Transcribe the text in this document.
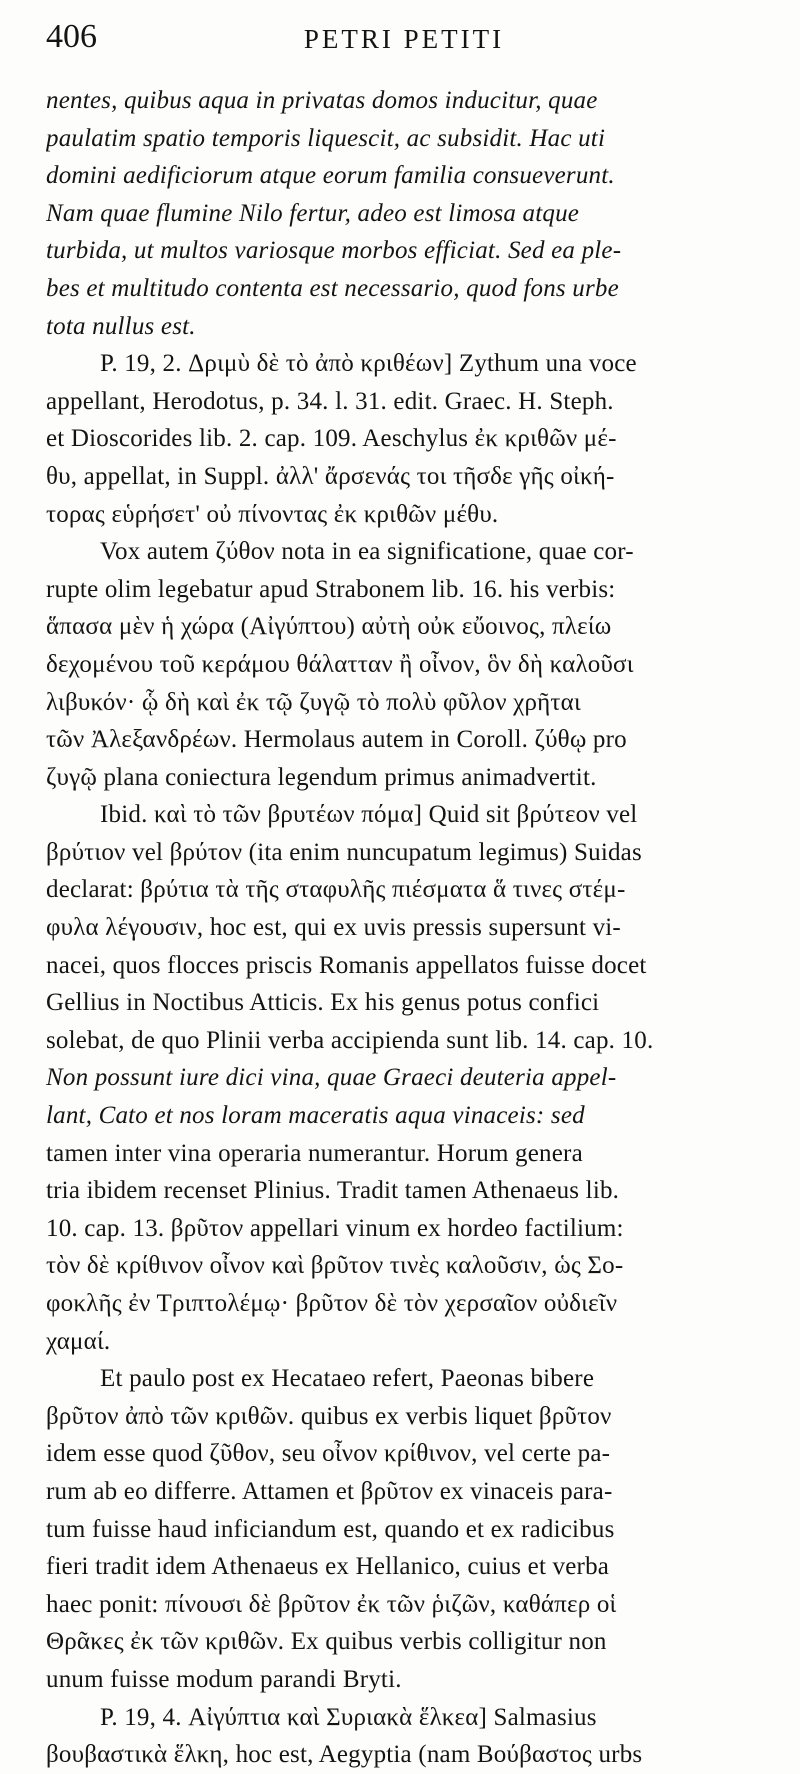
406	PETRI PETITI
nentes, quibus aqua in privatas domos inducitur, quae
paulatim spatio temporis liquescit, ac subsidit. Hac uti
domini aedificiorum atque eorum familia consueverunt.
Nam quae flumine Nilo fertur, adeo est limosa atque
turbida, ut multos variosque morbos efficiat. Sed ea ple-
bes et multitudo contenta est necessario, quod fons urbe
tota nullus est.
P. 19, 2. Δριμὺ δὲ τὸ ἀπὸ κριθέων] Zythum una voce
appellant, Herodotus, p. 34. l. 31. edit. Graec. H. Steph.
et Dioscorides lib. 2. cap. 109. Aeschylus ἐκ κριθῶν μέ-
θυ, appellat, in Suppl. ἀλλ' ἄρσενάς τοι τῆσδε γῆς οἰκή-
τορας εὑρήσετ' οὐ πίνοντας ἐκ κριθῶν μέθυ.
Vox autem ζύθον nota in ea significatione, quae cor-
rupte olim legebatur apud Strabonem lib. 16. his verbis:
ἅπασα μὲν ἡ χώρα (Αἰγύπτου) αὐτὴ οὐκ εὔοινος, πλείω
δεχομένου τοῦ κεράμου θάλατταν ἢ οἶνον, ὃν δὴ καλοῦσι
λιβυκόν· ᾧ δὴ καὶ ἐκ τῷ ζυγῷ τὸ πολὺ φῦλον χρῆται
τῶν Ἀλεξανδρέων. Hermolaus autem in Coroll. ζύθῳ pro
ζυγῷ plana coniectura legendum primus animadvertit.
Ibid. καὶ τὸ τῶν βρυτέων πόμα] Quid sit βρύτεον vel
βρύτιον vel βρύτον (ita enim nuncupatum legimus) Suidas
declarat: βρύτια τὰ τῆς σταφυλῆς πιέσματα ἅ τινες στέμ-
φυλα λέγουσιν, hoc est, qui ex uvis pressis supersunt vi-
nacei, quos flocces priscis Romanis appellatos fuisse docet
Gellius in Noctibus Atticis. Ex his genus potus confici
solebat, de quo Plinii verba accipienda sunt lib. 14. cap. 10.
Non possunt iure dici vina, quae Graeci deuteria appel-
lant, Cato et nos loram maceratis aqua vinaceis: sed
tamen inter vina operaria numerantur. Horum genera
tria ibidem recenset Plinius. Tradit tamen Athenaeus lib.
10. cap. 13. βρῦτον appellari vinum ex hordeo factilium:
τὸν δὲ κρίθινον οἶνον καὶ βρῦτον τινὲς καλοῦσιν, ὡς Σο-
φοκλῆς ἐν Τριπτολέμῳ· βρῦτον δὲ τὸν χερσαῖον οὐδιεῖν
χαμαί.
Et paulo post ex Hecataeo refert, Paeonas bibere
βρῦτον ἀπὸ τῶν κριθῶν. quibus ex verbis liquet βρῦτον
idem esse quod ζῦθον, seu οἶνον κρίθινον, vel certe pa-
rum ab eo differre. Attamen et βρῦτον ex vinaceis para-
tum fuisse haud inficiandum est, quando et ex radicibus
fieri tradit idem Athenaeus ex Hellanico, cuius et verba
haec ponit: πίνουσι δὲ βρῦτον ἐκ τῶν ῥιζῶν, καθάπερ οἱ
Θρᾶκες ἐκ τῶν κριθῶν. Ex quibus verbis colligitur non
unum fuisse modum parandi Bryti.
P. 19, 4. Αἰγύπτια καὶ Συριακὰ ἕλκεα] Salmasius
βουβαστικὰ ἕλκη, hoc est, Aegyptia (nam Βούβαστος urbs
